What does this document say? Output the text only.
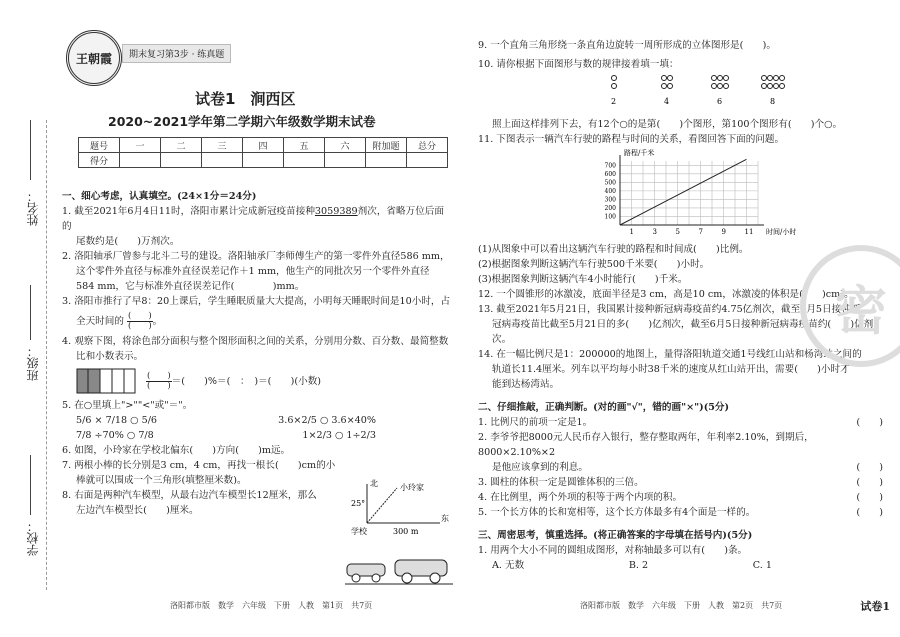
姓名：
班级：
学校：
王朝霞	期末复习第3步 · 练真题
试卷1　涧西区
2020~2021学年第二学期六年级数学期末试卷
题号	一	二	三	四	五	六	附加题	总分
得分								
一、细心考虑，认真填空。(24×1分＝24分)
1. 截至2021年6月4日11时，洛阳市累计完成新冠疫苗接种3059389剂次，省略万位后面的
尾数约是(　　)万剂次。
2. 洛阳轴承厂曾参与北斗二号的建设。洛阳轴承厂李师傅生产的第一零件外直径586 mm，
这个零件外直径与标准外直径误差记作＋1 mm，他生产的同批次另一个零件外直径
584 mm，它与标准外直径误差记作(　　　　)mm。
3. 洛阳市推行了早8：20上课后，学生睡眠质量大大提高，小明每天睡眠时间是10小时，占
全天时间的 $\frac{( )}{( )}$ 。
4. 观察下图，将涂色部分面积与整个图形面积之间的关系，分别用分数、百分数、最简整数
比和小数表示。
$\frac{( )}{( )}$ ＝(　　)%＝(　：　)＝(　　)(小数)
5. 在○里填上">""<"或"＝"。
5/6 × 7/18 ○ 5/6	3.6×2/5 ○ 3.6×40%
7/8 ÷70% ○ 7/8	1×2/3 ○ 1÷2/3
6. 如图，小玲家在学校北偏东(　　)方向(　　)m远。
7. 两根小棒的长分别是3 cm，4 cm，再找一根长(　　)cm的小
棒就可以围成一个三角形(填整厘米数)。
8. 右面是两种汽车模型，从最右边汽车模型长12厘米，那么
左边汽车模型长(　　)厘米。
小玲家
25°
北
东
学校	300 m
9. 一个直角三角形绕一条直角边旋转一周所形成的立体图形是(　　)。
10. 请你根据下面图形与数的规律接着填一填：
2	4	6	8
照上面这样排列下去，有12个○的是第(　　)个图形，第100个图形有(　　)个○。
11. 下图表示一辆汽车行驶的路程与时间的关系，看图回答下面的问题。
1	3	5	7	9	11
100
200
300
400
500
600
700
路程/千米
时间/小时
(1)从图象中可以看出这辆汽车行驶的路程和时间成(　　)比例。
(2)根据图象判断这辆汽车行驶500千米要(　　)小时。
(3)根据图象判断这辆汽车4小时能行(　　)千米。
12. 一个圆锥形的冰激凌，底面半径是3 cm，高是10 cm，冰激凌的体积是(　　)cm³。
13. 截至2021年5月21日，我国累计接种新冠病毒疫苗约4.75亿剂次，截至6月5日接种新
冠病毒疫苗比截至5月21日的多(　　)亿剂次，截至6月5日接种新冠病毒疫苗约(　　)亿剂次。
14. 在一幅比例尺是1：200000的地图上，量得洛阳轨道交通1号线红山站和杨湾站之间的
轨道长11.4厘米。列车以平均每小时38千米的速度从红山站开出，需要(　　)小时才
能到达杨湾站。
二、仔细推敲，正确判断。(对的画"√"，错的画"×")(5分)
1. 比例尺的前项一定是1。	(　　)
2. 李爷爷把8000元人民币存入银行，整存整取两年，年利率2.10%，到期后，8000×2.10%×2
是他应该拿到的利息。	(　　)
3. 圆柱的体积一定是圆锥体积的三倍。	(　　)
4. 在比例里，两个外项的积等于两个内项的积。	(　　)
5. 一个长方体的长和宽相等，这个长方体最多有4个面是一样的。	(　　)
三、周密思考，慎重选择。(将正确答案的字母填在括号内)(5分)
1. 用两个大小不同的圆组成图形，对称轴最多可以有(　　)条。
A. 无数	B. 2	C. 1
密
洛阳都市版　数学　六年级　下册　人教　第1页　共7页	洛阳都市版　数学　六年级　下册　人教　第2页　共7页	试卷1
